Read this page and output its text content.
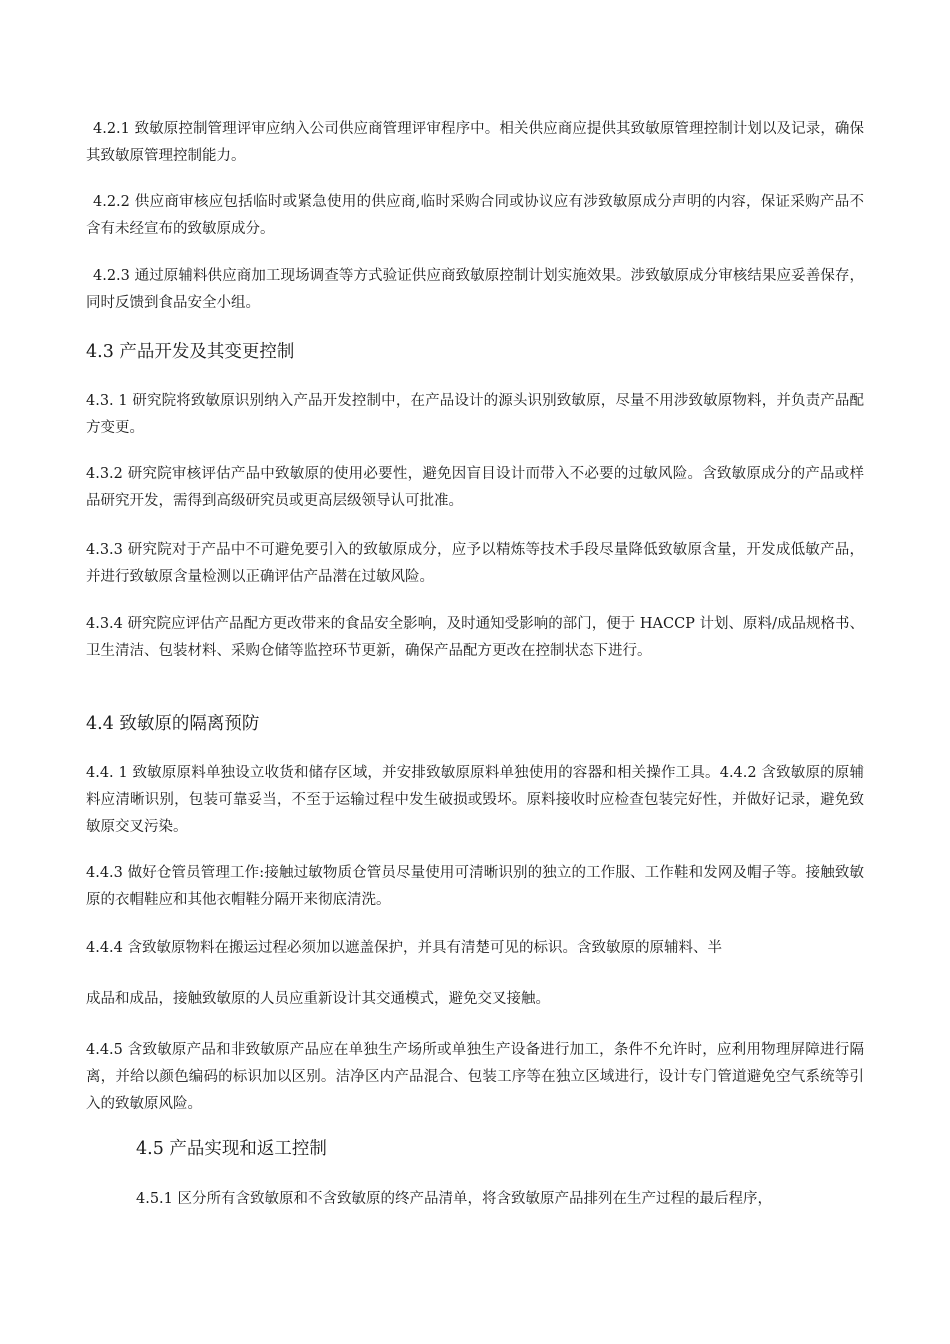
4.2.1 致敏原控制管理评审应纳入公司供应商管理评审程序中。相关供应商应提供其致敏原管理控制计划以及记录，确保其致敏原管理控制能力。

4.2.2 供应商审核应包括临时或紧急使用的供应商,临时采购合同或协议应有涉致敏原成分声明的内容，保证采购产品不含有未经宣布的致敏原成分。

4.2.3 通过原辅料供应商加工现场调查等方式验证供应商致敏原控制计划实施效果。涉致敏原成分审核结果应妥善保存，同时反馈到食品安全小组。

4.3 产品开发及其变更控制

4.3. 1 研究院将致敏原识别纳入产品开发控制中，在产品设计的源头识别致敏原，尽量不用涉致敏原物料，并负责产品配方变更。

4.3.2 研究院审核评估产品中致敏原的使用必要性，避免因盲目设计而带入不必要的过敏风险。含致敏原成分的产品或样品研究开发，需得到高级研究员或更高层级领导认可批准。

4.3.3 研究院对于产品中不可避免要引入的致敏原成分，应予以精炼等技术手段尽量降低致敏原含量，开发成低敏产品，并进行致敏原含量检测以正确评估产品潜在过敏风险。

4.3.4 研究院应评估产品配方更改带来的食品安全影响，及时通知受影响的部门，便于 HACCP 计划、原料/成品规格书、卫生清洁、包装材料、采购仓储等监控环节更新，确保产品配方更改在控制状态下进行。

4.4 致敏原的隔离预防

4.4. 1 致敏原原料单独设立收货和储存区域，并安排致敏原原料单独使用的容器和相关操作工具。4.4.2 含致敏原的原辅料应清晰识别，包装可靠妥当，不至于运输过程中发生破损或毁坏。原料接收时应检查包装完好性，并做好记录，避免致敏原交叉污染。

4.4.3 做好仓管员管理工作:接触过敏物质仓管员尽量使用可清晰识别的独立的工作服、工作鞋和发网及帽子等。接触致敏原的衣帽鞋应和其他衣帽鞋分隔开来彻底清洗。

4.4.4 含致敏原物料在搬运过程必须加以遮盖保护，并具有清楚可见的标识。含致敏原的原辅料、半

成品和成品，接触致敏原的人员应重新设计其交通模式，避免交叉接触。

4.4.5 含致敏原产品和非致敏原产品应在单独生产场所或单独生产设备进行加工，条件不允许时，应利用物理屏障进行隔离，并给以颜色编码的标识加以区别。洁净区内产品混合、包装工序等在独立区域进行，设计专门管道避免空气系统等引入的致敏原风险。

4.5 产品实现和返工控制

4.5.1 区分所有含致敏原和不含致敏原的终产品清单，将含致敏原产品排列在生产过程的最后程序，
